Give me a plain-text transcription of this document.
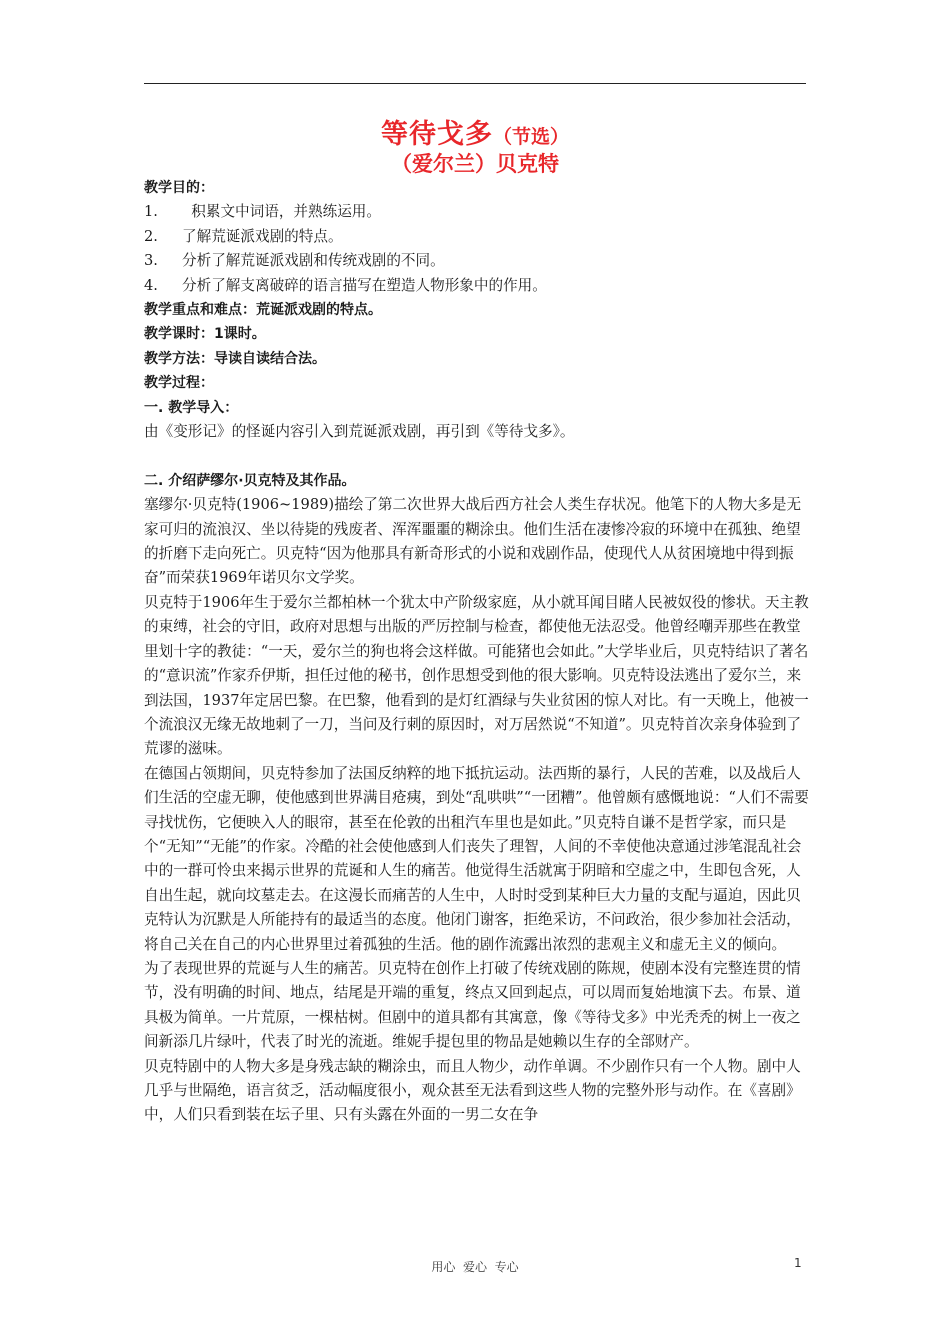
等待戈多（节选）
（爱尔兰）贝克特

教学目的：

1.  积累文中词语，并熟练运用。

2. 了解荒诞派戏剧的特点。

3. 分析了解荒诞派戏剧和传统戏剧的不同。

4. 分析了解支离破碎的语言描写在塑造人物形象中的作用。

教学重点和难点：荒诞派戏剧的特点。

教学课时：1课时。

教学方法：导读自读结合法。

教学过程：

一. 教学导入：

由《变形记》的怪诞内容引入到荒诞派戏剧，再引到《等待戈多》。

二. 介绍萨缪尔·贝克特及其作品。

塞缪尔·贝克特(1906~1989)描绘了第二次世界大战后西方社会人类生存状况。他笔下的人物大多是无家可归的流浪汉、坐以待毙的残废者、浑浑噩噩的糊涂虫。他们生活在凄惨冷寂的环境中在孤独、绝望的折磨下走向死亡。贝克特“因为他那具有新奇形式的小说和戏剧作品，使现代人从贫困境地中得到振奋”而荣获1969年诺贝尔文学奖。

贝克特于1906年生于爱尔兰都柏林一个犹太中产阶级家庭，从小就耳闻目睹人民被奴役的惨状。天主教的束缚，社会的守旧，政府对思想与出版的严厉控制与检查，都使他无法忍受。他曾经嘲弄那些在教堂里划十字的教徒：“一天，爱尔兰的狗也将会这样做。可能猪也会如此。”大学毕业后，贝克特结识了著名的“意识流”作家乔伊斯，担任过他的秘书，创作思想受到他的很大影响。贝克特设法逃出了爱尔兰，来到法国，1937年定居巴黎。在巴黎，他看到的是灯红酒绿与失业贫困的惊人对比。有一天晚上，他被一个流浪汉无缘无故地刺了一刀，当问及行刺的原因时，对万居然说“不知道”。贝克特首次亲身体验到了荒谬的滋味。

在德国占领期间，贝克特参加了法国反纳粹的地下抵抗运动。法西斯的暴行，人民的苦难，以及战后人们生活的空虚无聊，使他感到世界满目疮痍，到处“乱哄哄”“一团糟”。他曾颇有感慨地说：“人们不需要寻找忧伤，它便映入人的眼帘，甚至在伦敦的出租汽车里也是如此。”贝克特自谦不是哲学家，而只是个“无知”“无能”的作家。冷酷的社会使他感到人们丧失了理智，人间的不幸使他决意通过涉笔混乱社会中的一群可怜虫来揭示世界的荒诞和人生的痛苦。他觉得生活就寓于阴暗和空虚之中，生即包含死，人自出生起，就向坟墓走去。在这漫长而痛苦的人生中，人时时受到某种巨大力量的支配与逼迫，因此贝克特认为沉默是人所能持有的最适当的态度。他闭门谢客，拒绝采访，不问政治，很少参加社会活动，将自己关在自己的内心世界里过着孤独的生活。他的剧作流露出浓烈的悲观主义和虚无主义的倾向。

为了表现世界的荒诞与人生的痛苦。贝克特在创作上打破了传统戏剧的陈规，使剧本没有完整连贯的情节，没有明确的时间、地点，结尾是开端的重复，终点又回到起点，可以周而复始地演下去。布景、道具极为简单。一片荒原，一棵枯树。但剧中的道具都有其寓意，像《等待戈多》中光秃秃的树上一夜之间新添几片绿叶，代表了时光的流逝。维妮手提包里的物品是她赖以生存的全部财产。

贝克特剧中的人物大多是身残志缺的糊涂虫，而且人物少，动作单调。不少剧作只有一个人物。剧中人几乎与世隔绝，语言贫乏，活动幅度很小，观众甚至无法看到这些人物的完整外形与动作。在《喜剧》中，人们只看到装在坛子里、只有头露在外面的一男二女在争

用心  爱心  专心	1
